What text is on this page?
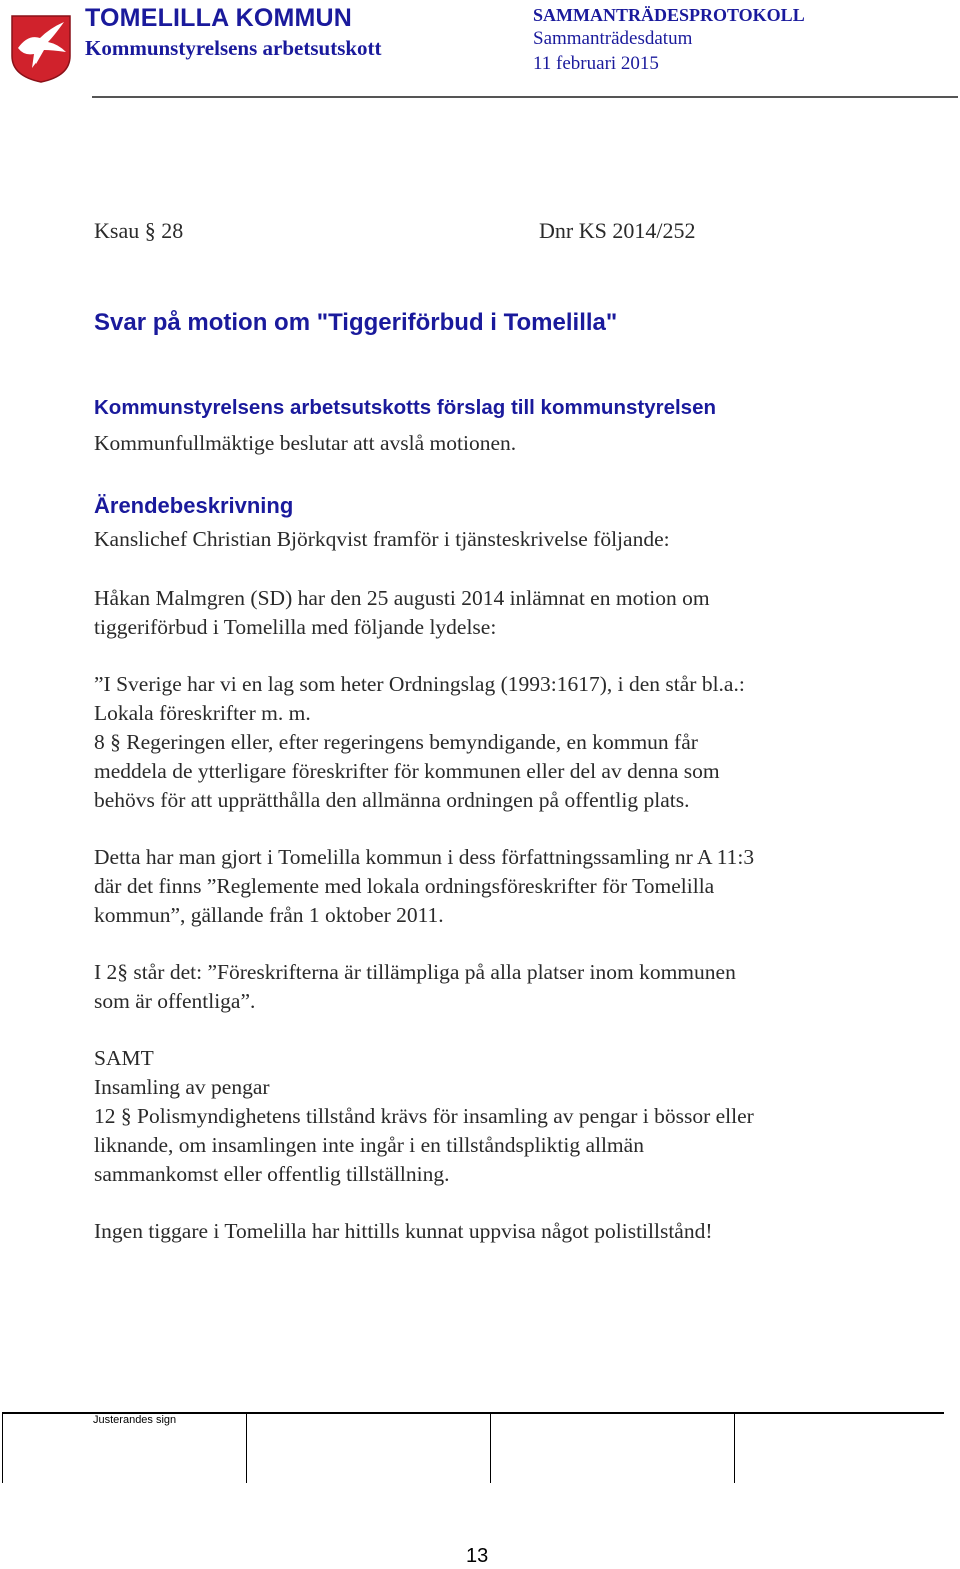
TOMELILLA KOMMUN
Kommunstyrelsens arbetsutskott
SAMMANTRÄDESPROTOKOLL
Sammanträdesdatum
11 februari 2015
Ksau § 28	Dnr KS 2014/252
Svar på motion om "Tiggeriförbud i Tomelilla"
Kommunstyrelsens arbetsutskotts förslag till kommunstyrelsen
Kommunfullmäktige beslutar att avslå motionen.
Ärendebeskrivning
Kanslichef Christian Björkqvist framför i tjänsteskrivelse följande:
Håkan Malmgren (SD) har den 25 augusti 2014 inlämnat en motion om
tiggeriförbud i Tomelilla med följande lydelse:
”I Sverige har vi en lag som heter Ordningslag (1993:1617), i den står bl.a.:
Lokala föreskrifter m. m.
8 § Regeringen eller, efter regeringens bemyndigande, en kommun får
meddela de ytterligare föreskrifter för kommunen eller del av denna som
behövs för att upprätthålla den allmänna ordningen på offentlig plats.
Detta har man gjort i Tomelilla kommun i dess författningssamling nr A 11:3
där det finns ”Reglemente med lokala ordningsföreskrifter för Tomelilla
kommun”, gällande från 1 oktober 2011.
I 2§ står det: ”Föreskrifterna är tillämpliga på alla platser inom kommunen
som är offentliga”.
SAMT
Insamling av pengar
12 § Polismyndighetens tillstånd krävs för insamling av pengar i bössor eller
liknande, om insamlingen inte ingår i en tillståndspliktig allmän
sammankomst eller offentlig tillställning.
Ingen tiggare i Tomelilla har hittills kunnat uppvisa något polistillstånd!
Justerandes sign
13
